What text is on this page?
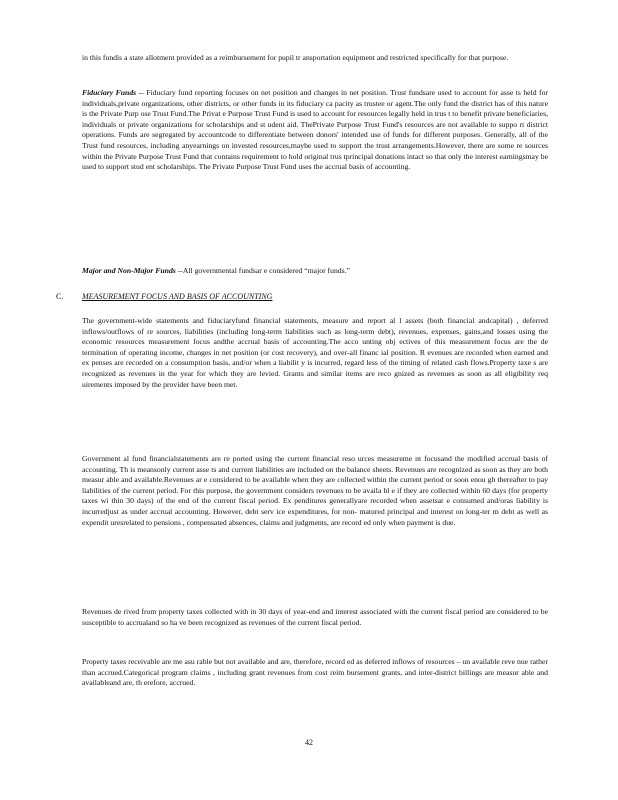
in this fundis a state allotment provided as a reimbursement for pupil tr ansportation equipment and restricted specifically for that purpose.

Fiduciary Funds -- Fiduciary fund reporting focuses on net position and changes in net position. Trust fundsare used to account for asse ts held for individuals,private organizations, other districts, or other funds in its fiduciary ca pacity as trustee or agent.The only fund the district has of this nature is the Private Purp ose Trust Fund.The Privat e Purpose Trust Fund is used to account for resources legally held in trus t to benefit private beneficiaries, individuals or private organizations for scholarships and st udent aid. ThePrivate Purpose Trust Fund's resources are not available to suppo rt district operations. Funds are segregated by accountcode to differentiate between donors' intended use of funds for different purposes. Generally, all of the Trust fund resources, including anyearnings on invested resources,maybe used to support the trust arrangements.However, there are some re sources within the Private Purpose Trust Fund that contains requirement to hold original trus tprincipal donations intact so that only the interest earningsmay be used to support stud ent scholarships. The Private Purpose Trust Fund uses the accrual basis of accounting.

Major and Non-Major Funds --All governmental fundsar e considered “major funds.”

C. MEASUREMENT FOCUS AND BASIS OF ACCOUNTING

The government-wide statements and fiduciaryfund financial statements, measure and report al l assets (both financial andcapital) , deferred inflows/outflows of re sources, liabilities (including long-term liabilities such as long-term debt), revenues, expenses, gains,and losses using the economic resources measurement focus andthe accrual basis of accounting.The acco unting obj ectives of this measurement focus are the de termination of operating income, changes in net position (or cost recovery), and over-all financ ial position. R evenues are recorded when earned and ex penses are recorded on a consumption basis, and/or when a liabilit y is incurred, regard less of the timing of related cash flows.Property taxe s are recognized as revenues in the year for which they are levied. Grants and similar items are reco gnized as revenues as soon as all eligibility req uirements imposed by the provider have been met.

Government al fund financialstatements are re ported using the current financial reso urces measureme nt focusand the modified accrual basis of accounting. Th is meansonly current asse ts and current liabilities are included on the balance sheets. Revenues are recognized as soon as they are both measur able and available.Revenues ar e considered to be available when they are collected within the current period or soon enou gh thereafter to pay liabilities of the current period. For this purpose, the government considers revenues to be availa bl e if they are collected within 60 days (for property taxes wi thin 30 days) of the end of the current fiscal period. Ex penditures generallyare recorded when assetsar e consumed and/oras liability is incurredjust as under accrual accounting. However, debt serv ice expenditures, for non- matured principal and interest on long-ter m debt as well as expendit uresrelated to pensions , compensated absences, claims and judgments, are record ed only when payment is due.

Revenues de rived from property taxes collected with in 30 days of year-end and interest associated with the current fiscal period are considered to be susceptible to accrualand so ha ve been recognized as revenues of the current fiscal period.

Property taxes receivable are me asu rable but not available and are, therefore, record ed as deferred inflows of resources – un available reve nue rather than accrued.Categorical program claims , including grant revenues from cost reim bursement grants, and inter-district billings are measur able and availableand are, th erefore, accrued.

42
